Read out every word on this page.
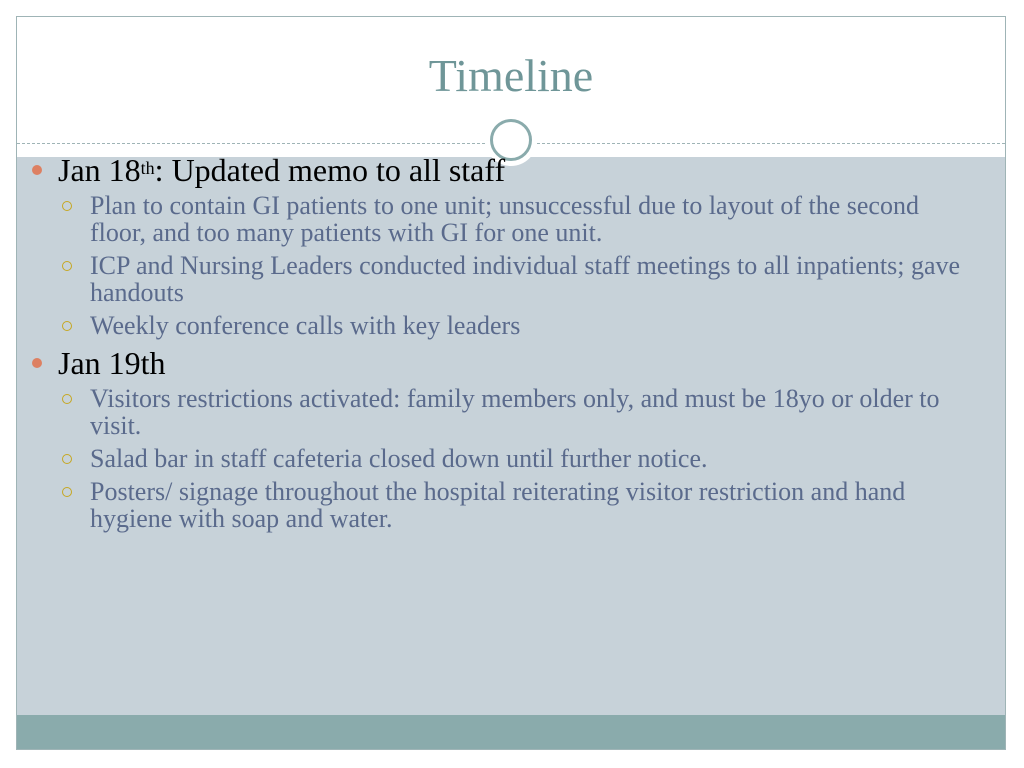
Timeline
Jan 18th: Updated memo to all staff
Plan to contain GI patients to one unit; unsuccessful due to layout of the second floor, and too many patients with GI for one unit.
ICP and Nursing Leaders conducted individual staff meetings to all inpatients; gave handouts
Weekly conference calls with key leaders
Jan 19th
Visitors restrictions activated: family members only, and must be 18yo or older to visit.
Salad bar in staff cafeteria closed down until further notice.
Posters/ signage throughout the hospital reiterating visitor restriction and hand hygiene with soap and water.
